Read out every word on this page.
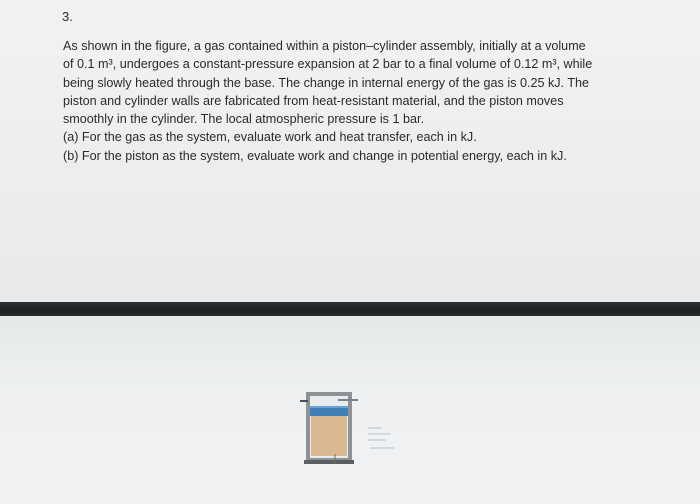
3.

As shown in the figure, a gas contained within a piston–cylinder assembly, initially at a volume
of 0.1 m³, undergoes a constant-pressure expansion at 2 bar to a final volume of 0.12 m³, while
being slowly heated through the base. The change in internal energy of the gas is 0.25 kJ. The
piston and cylinder walls are fabricated from heat-resistant material, and the piston moves
smoothly in the cylinder. The local atmospheric pressure is 1 bar.
(a) For the gas as the system, evaluate work and heat transfer, each in kJ.
(b) For the piston as the system, evaluate work and change in potential energy, each in kJ.
